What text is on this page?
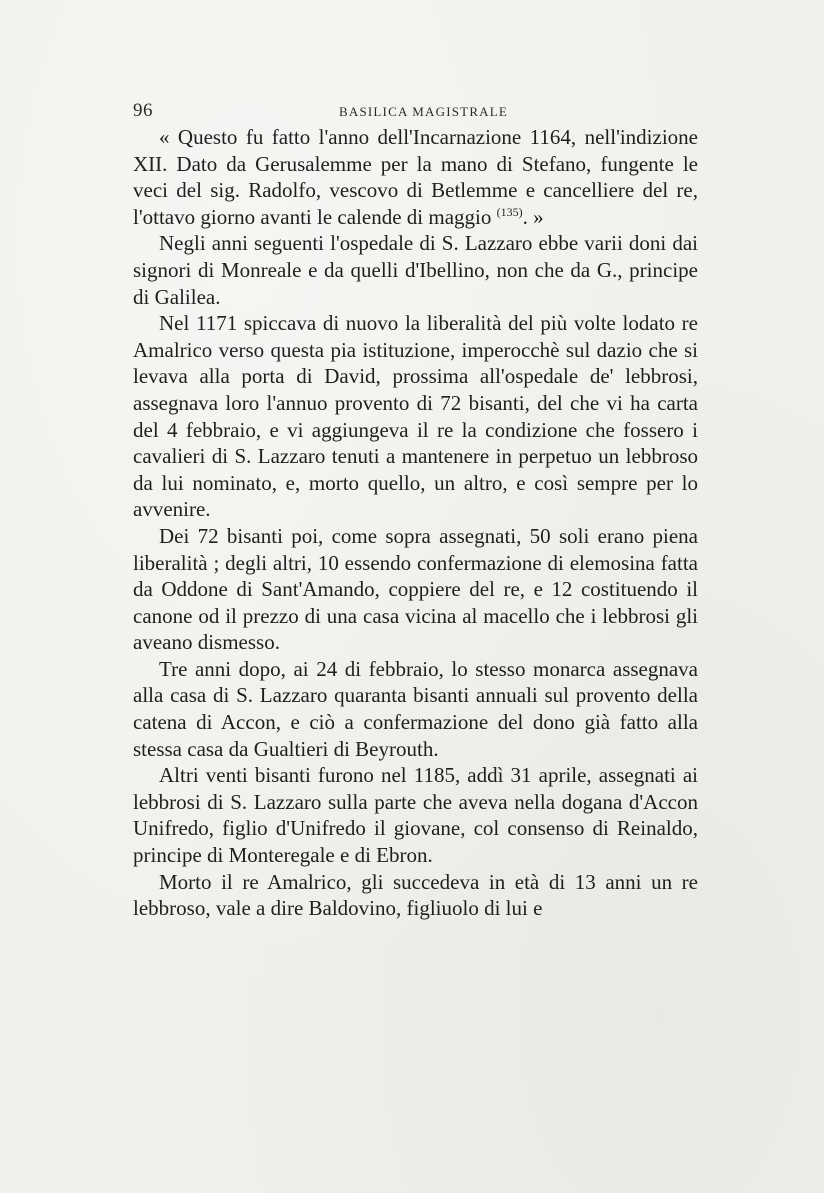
96	BASILICA MAGISTRALE

« Questo fu fatto l'anno dell'Incarnazione 1164, nell'indizione XII. Dato da Gerusalemme per la mano di Stefano, fungente le veci del sig. Radolfo, vescovo di Betlemme e cancelliere del re, l'ottavo giorno avanti le calende di maggio $^{(135)}$. »

Negli anni seguenti l'ospedale di S. Lazzaro ebbe varii doni dai signori di Monreale e da quelli d'Ibellino, non che da G., principe di Galilea.

Nel 1171 spiccava di nuovo la liberalità del più volte lodato re Amalrico verso questa pia istituzione, imperocchè sul dazio che si levava alla porta di David, prossima all'ospedale de' lebbrosi, assegnava loro l'annuo provento di 72 bisanti, del che vi ha carta del 4 febbraio, e vi aggiungeva il re la condizione che fossero i cavalieri di S. Lazzaro tenuti a mantenere in perpetuo un lebbroso da lui nominato, e, morto quello, un altro, e così sempre per lo avvenire.

Dei 72 bisanti poi, come sopra assegnati, 50 soli erano piena liberalità ; degli altri, 10 essendo confermazione di elemosina fatta da Oddone di Sant'Amando, coppiere del re, e 12 costituendo il canone od il prezzo di una casa vicina al macello che i lebbrosi gli aveano dismesso.

Tre anni dopo, ai 24 di febbraio, lo stesso monarca assegnava alla casa di S. Lazzaro quaranta bisanti annuali sul provento della catena di Accon, e ciò a confermazione del dono già fatto alla stessa casa da Gualtieri di Beyrouth.

Altri venti bisanti furono nel 1185, addì 31 aprile, assegnati ai lebbrosi di S. Lazzaro sulla parte che aveva nella dogana d'Accon Unifredo, figlio d'Unifredo il giovane, col consenso di Reinaldo, principe di Monteregale e di Ebron.

Morto il re Amalrico, gli succedeva in età di 13 anni un re lebbroso, vale a dire Baldovino, figliuolo di lui e
